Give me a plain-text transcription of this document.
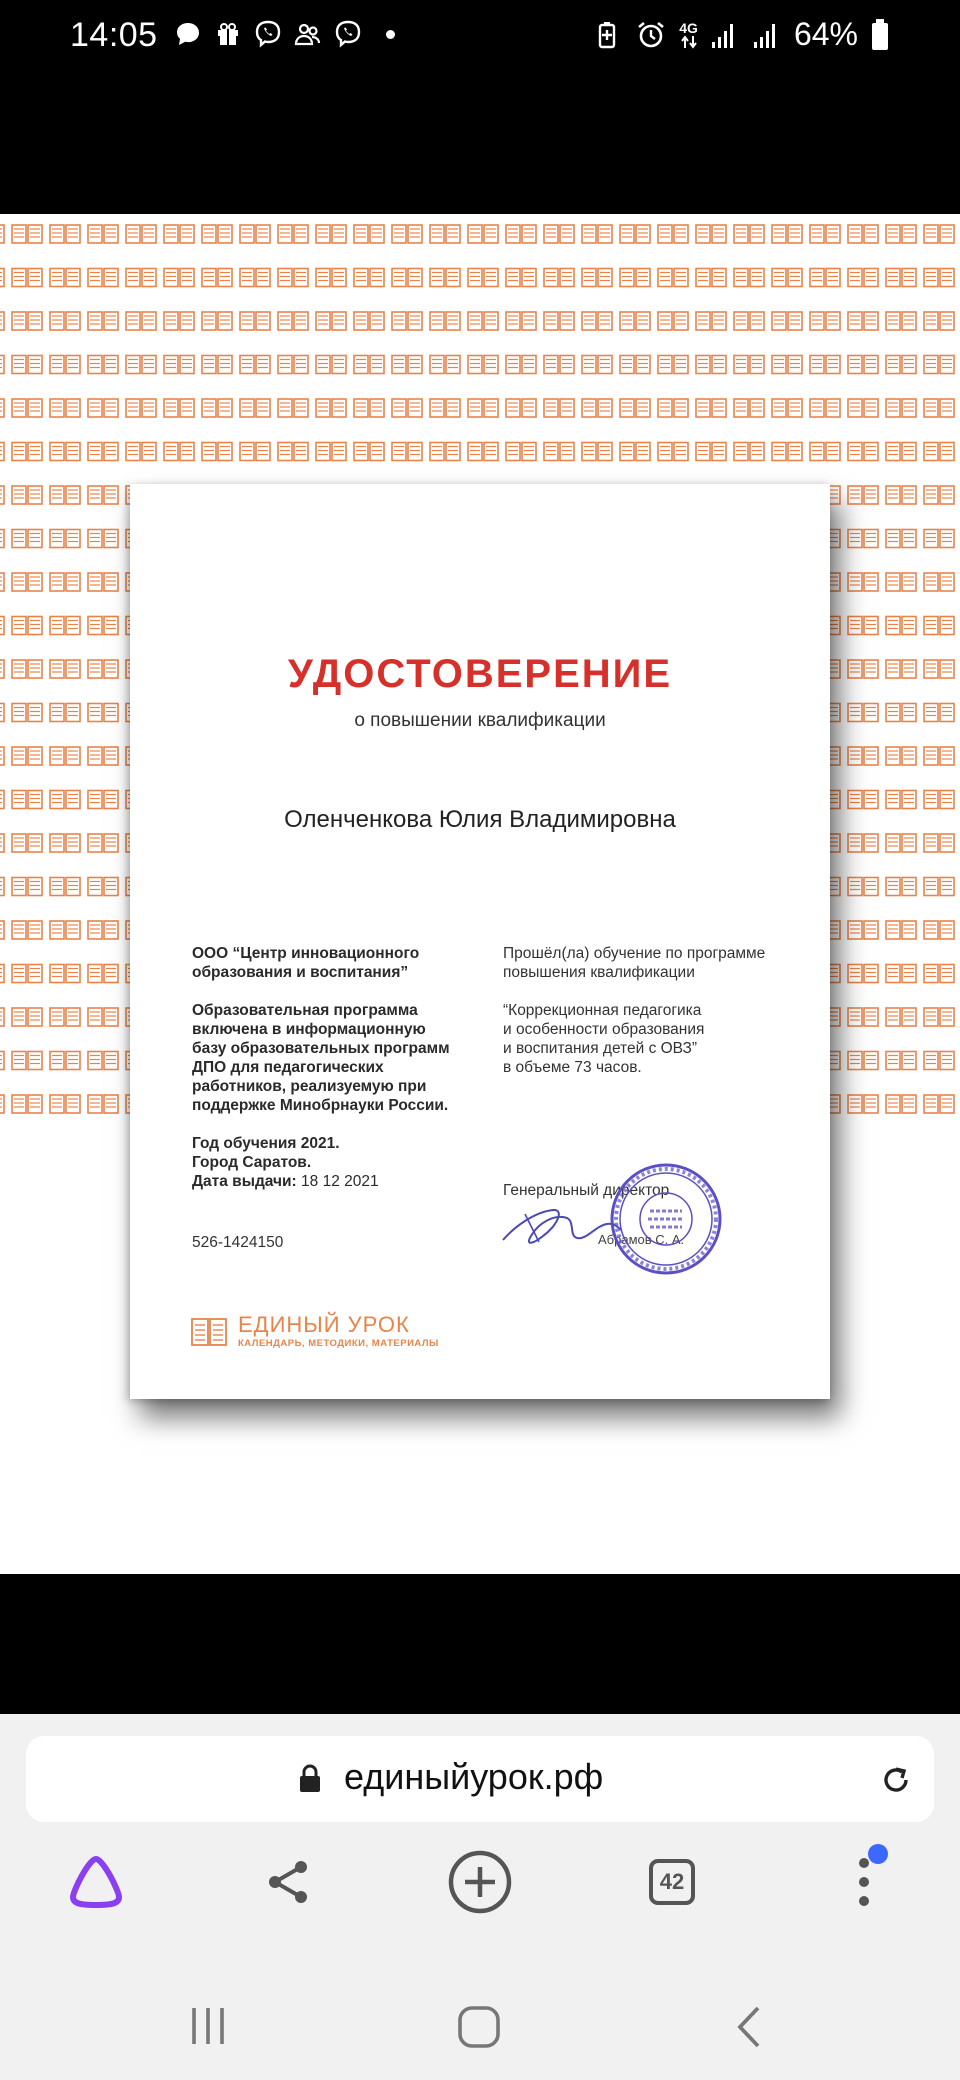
14:05	4G	64%
УДОСТОВЕРЕНИЕ
о повышении квалификации
Оленченкова Юлия Владимировна
ООО “Центр инновационного
образования и воспитания”
Образовательная программа
включена в информационную
базу образовательных программ
ДПО для педагогических
работников, реализуемую при
поддержке Минобрнауки России.
Год обучения 2021.
Город Саратов.
Дата выдачи: 18 12 2021
526-1424150
Прошёл(ла) обучение по программе
повышения квалификации
“Коррекционная педагогика
и особенности образования
и воспитания детей с ОВЗ”
в объеме 73 часов.
Генеральный директор
Абрамов С. А.
ЕДИНЫЙ УРОК
КАЛЕНДАРЬ, МЕТОДИКИ, МАТЕРИАЛЫ
единыйурок.рф
42
